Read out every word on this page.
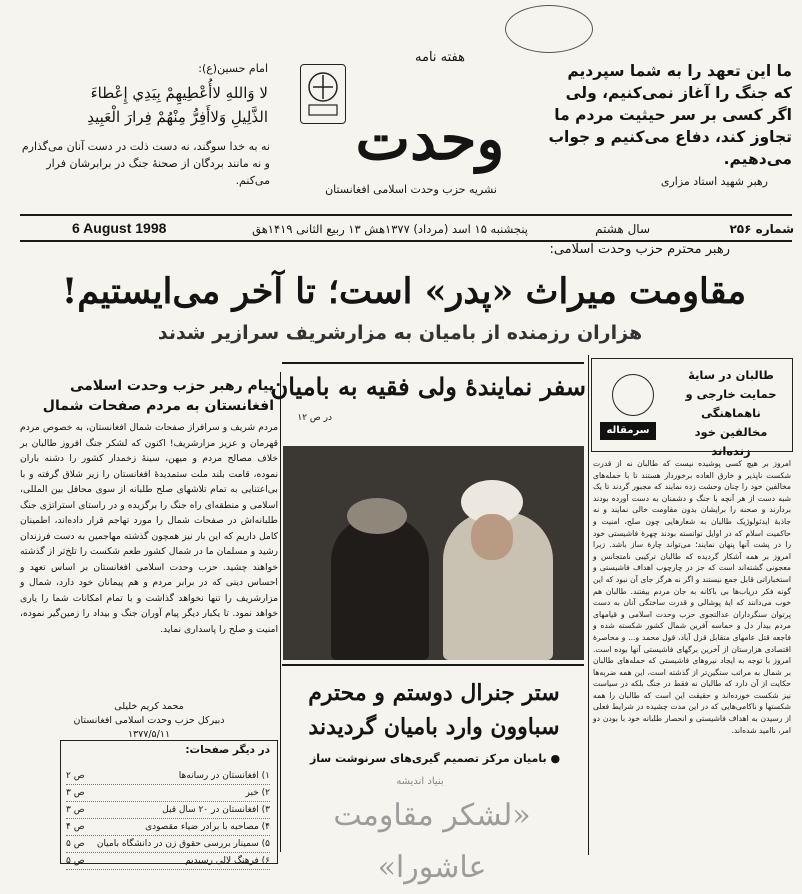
ما این تعهد را به شما سپردیم که جنگ را آغاز نمی‌کنیم، ولی اگر کسی بر سر حیثیت مردم ما تجاوز کند، دفاع می‌کنیم و جواب می‌دهیم.
رهبر شهید استاد مزاری
هفته نامه
وحدت
نشریه حزب وحدت اسلامی افغانستان
امام حسین(ع):
لا وَاللهِ لاأُعْطِيهِمْ بِيَدِي إِعْطاءَ
الذَّلِيلِ وَلاأَفِرُّ مِنْهُمْ فِرارَ الْعَبِيدِ
نه به خدا سوگند، نه دست ذلت در دست آنان می‌گذارم و نه مانند بردگان از صحنهٔ جنگ در برابرشان فرار می‌کنم.
شماره ۲۵۶
سال هشتم
پنجشنبه ۱۵ اسد (مرداد) ۱۳۷۷هش ۱۳ ربیع الثانی ۱۴۱۹هق
6 August 1998
رهبر محترم حزب وحدت اسلامی:
مقاومت میراث «پدر» است؛ تا آخر می‌ایستیم!
هزاران رزمنده از بامیان به مزارشریف سرازیر شدند
پیام رهبر حزب وحدت اسلامی افغانستان به مردم صفحات شمال
مردم شریف و سرافراز صفحات شمال افغانستان، به خصوص مردم قهرمان و عزیز مزارشریف! اکنون که لشکر جنگ افروز طالبان بر خلاف مصالح مردم و میهن، سینهٔ زخمدار کشور را دشنه باران نموده، قامت بلند ملت ستمدیدهٔ افغانستان را زیر شلاق گرفته و با بی‌اعتنایی به تمام تلاشهای صلح طلبانه از سوی محافل بین المللی، اسلامی و منطقه‌ای راه جنگ را برگزیده و در راستای استراتژی جنگ طلبانه‌اش در صفحات شمال را مورد تهاجم قرار داده‌اند، اطمینان کامل داریم که این بار نیز همچون گذشته مهاجمین به دست فرزندان رشید و مسلمان ما در شمال کشور طعم شکست را تلخ‌تر از گذشته خواهند چشید. حزب وحدت اسلامی افغانستان بر اساس تعهد و احساس دینی که در برابر مردم و هم پیمانان خود دارد، شمال و مزارشریف را تنها نخواهد گذاشت و با تمام امکانات شما را یاری خواهد نمود. تا یکبار دیگر پیام آوران جنگ و بیداد را زمین‌گیر نموده، امنیت و صلح را پاسداری نماید.
محمد کریم خلیلی
دبیرکل حزب وحدت اسلامی افغانستان
۱۳۷۷/۵/۱۱
در دیگر صفحات:
۱) افغانستان در رسانه‌ها
ص ۲
۲) خبر
ص ۳
۳) افغانستان در ۲۰ سال قبل
ص ۳
۴) مصاحبه با برادر ضیاء مقصودی
ص ۴
۵) سمینار بررسی حقوق زن در دانشگاه بامیان
ص ۵
۶) فرهنگ لالی رسیدیم
ص ۵
سفر نمایندهٔ ولی فقیه به بامیان
در ص ۱۲
ستر جنرال دوستم و محترم سباوون وارد بامیان گردیدند
● بامیان مرکز تصمیم گیری‌های سرنوشت ساز
بنیاد اندیشه
«لشکر مقاومت عاشورا»
طالبان در سایهٔ حمایت خارجی و ناهماهنگی مخالفین خود زنده‌اند
سرمقاله
امروز بر هیچ کسی پوشیده نیست که طالبان نه از قدرت شکست ناپذیر و خارق العاده برخوردار هستند تا با حمله‌های مخالفین خود را چنان وحشت زده نمایند که مجبور گردند تا یک شبه دست از هر آنچه با جنگ و دشمنان به دست آورده بودند بردارند و صحنه را برایشان بدون مقاومت خالی نمایند و نه جاذبهٔ ایدئولوژیک طالبان به شعارهایی چون صلح، امنیت و حاکمیت اسلام که در اوایل توانسته بودند چهرهٔ فاشیستی خود را در پشت آنها پنهان نمایند؛ می‌تواند چارهٔ ساز باشد. زیرا امروز بر همه آشکار گردیده که طالبان ترکیبی نامتجانس و معجونی گشته‌اند است که جز در چارچوب اهداف فاشیستی و استخباراتی قابل جمع نیستند و اگر نه هرگز جای آن نبود که این گونه فکر دریاب‌ها بی باکانه به جان مردم بیفتند. طالبان هم خوب می‌دانند که ایهٔ پوشالی و قدرت ساختگی آنان به دست پرتوان سنگرداران عدالتجوی حزب وحدت اسلامی و قیامهای مردم بیدار دل و حماسه آفرین شمال کشور شکسته شده و فاجعه قتل عامهای متقابل قزل آباد، قول محمد و... و محاصرهٔ اقتصادی هزارستان از آخرین برگهای فاشیستی آنها بوده است. امروز با توجه به ایجاد نیروهای فاشیستی که حمله‌های طالبان بر شمال به مراتب سنگین‌تر از گذشته است، این همه ضربه‌ها حکایت از آن دارد که طالبان نه فقط در جنگ بلکه در سیاست نیز شکست خورده‌اند و حقیقت این است که طالبان را همه شکستها و ناکامی‌هایی که در این مدت چشیده در شرایط فعلی از رسیدن به اهداف فاشیستی و انحصار طلبانه خود با بودن دو امر، ناامید شده‌اند.
